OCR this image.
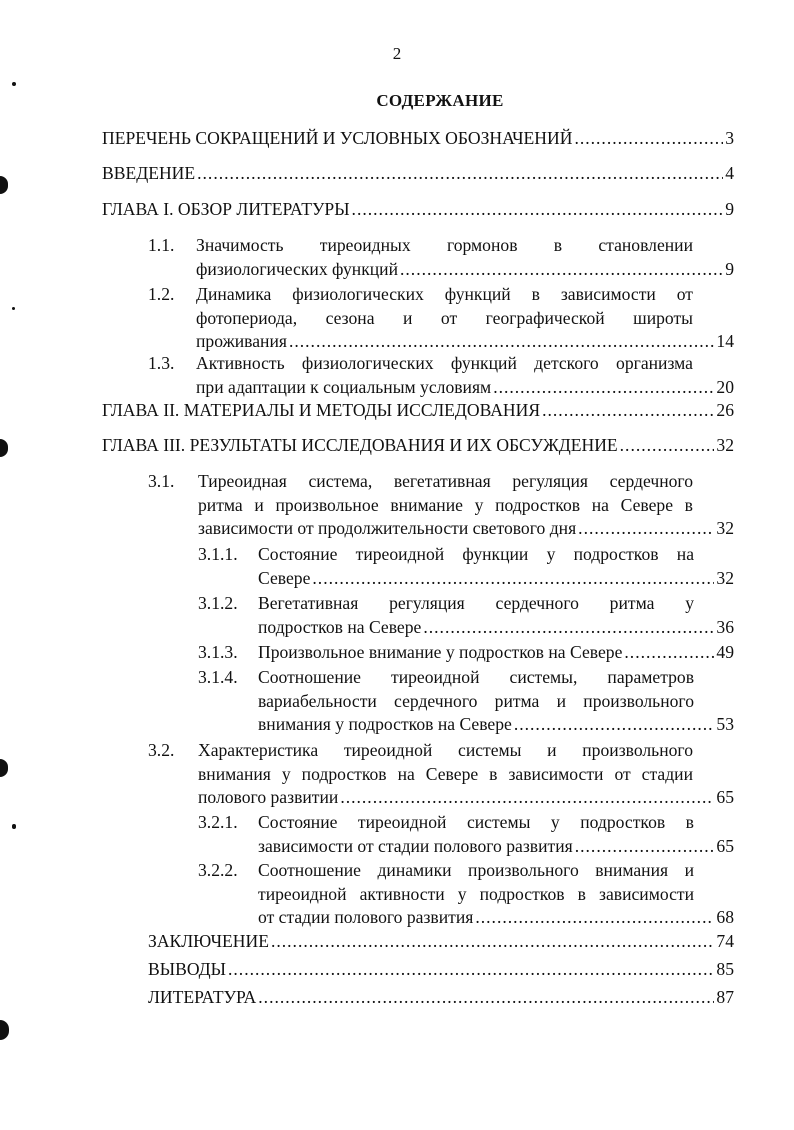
2
СОДЕРЖАНИЕ
ПЕРЕЧЕНЬ СОКРАЩЕНИЙ И УСЛОВНЫХ ОБОЗНАЧЕНИЙ .....	3
ВВЕДЕНИЕ .....	4
ГЛАВА I. ОБЗОР ЛИТЕРАТУРЫ .....	9
1.1. Значимость тиреоидных гормонов в становлении
физиологических функций .....	9
1.2. Динамика физиологических функций в зависимости от
фотопериода, сезона и от географической широты
проживания .....	14
1.3. Активность физиологических функций детского организма
при адаптации к социальным условиям .....	20
ГЛАВА II. МАТЕРИАЛЫ И МЕТОДЫ ИССЛЕДОВАНИЯ .....	26
ГЛАВА III. РЕЗУЛЬТАТЫ ИССЛЕДОВАНИЯ И ИХ ОБСУЖДЕНИЕ .....	32
3.1. Тиреоидная система, вегетативная регуляция сердечного
ритма и произвольное внимание у подростков на Севере в
зависимости от продолжительности светового дня .....	32
3.1.1. Состояние тиреоидной функции у подростков на
Севере .....	32
3.1.2. Вегетативная регуляция сердечного ритма у
подростков на Севере .....	36
3.1.3. Произвольное внимание у подростков на Севере .....	49
3.1.4. Соотношение тиреоидной системы, параметров
вариабельности сердечного ритма и произвольного
внимания у подростков на Севере .....	53
3.2. Характеристика тиреоидной системы и произвольного
внимания у подростков на Севере в зависимости от стадии
полового развитии .....	65
3.2.1. Состояние тиреоидной системы у подростков в
зависимости от стадии полового развития .....	65
3.2.2. Соотношение динамики произвольного внимания и
тиреоидной активности у подростков в зависимости
от стадии полового развития .....	68
ЗАКЛЮЧЕНИЕ .....	74
ВЫВОДЫ .....	85
ЛИТЕРАТУРА .....	87
